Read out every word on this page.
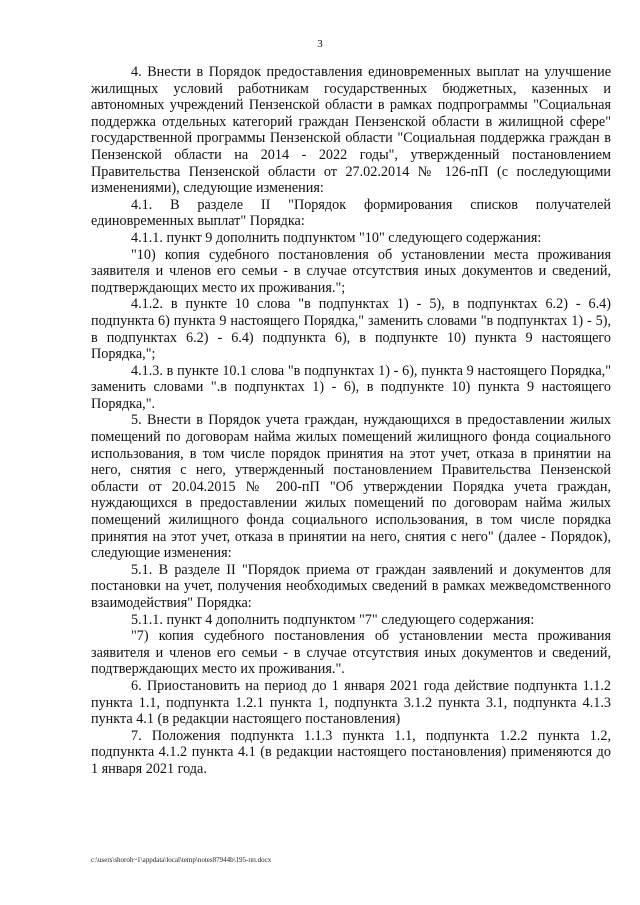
3

4. Внести в Порядок предоставления единовременных выплат на улучшение жилищных условий работникам государственных бюджетных, казенных и автономных учреждений Пензенской области в рамках подпрограммы "Социальная поддержка отдельных категорий граждан Пензенской области в жилищной сфере" государственной программы Пензенской области "Социальная поддержка граждан в Пензенской области на 2014 - 2022 годы", утвержденный постановлением Правительства Пензенской области от 27.02.2014 № 126-пП (с последующими изменениями), следующие изменения:

4.1. В разделе II "Порядок формирования списков получателей единовременных выплат" Порядка:

4.1.1. пункт 9 дополнить подпунктом "10" следующего содержания:

"10) копия судебного постановления об установлении места проживания заявителя и членов его семьи - в случае отсутствия иных документов и сведений, подтверждающих место их проживания.";

4.1.2. в пункте 10 слова "в подпунктах 1) - 5), в подпунктах 6.2) - 6.4) подпункта 6) пункта 9 настоящего Порядка," заменить словами "в подпунктах 1) - 5), в подпунктах 6.2) - 6.4) подпункта 6), в подпункте 10) пункта 9 настоящего Порядка,";

4.1.3. в пункте 10.1 слова "в подпунктах 1) - 6), пункта 9 настоящего Порядка," заменить словами ".в подпунктах 1) - 6), в подпункте 10) пункта 9 настоящего Порядка,".

5. Внести в Порядок учета граждан, нуждающихся в предоставлении жилых помещений по договорам найма жилых помещений жилищного фонда социального использования, в том числе порядок принятия на этот учет, отказа в принятии на него, снятия с него, утвержденный постановлением Правительства Пензенской области от 20.04.2015 № 200-пП "Об утверждении Порядка учета граждан, нуждающихся в предоставлении жилых помещений по договорам найма жилых помещений жилищного фонда социального использования, в том числе порядка принятия на этот учет, отказа в принятии на него, снятия с него" (далее - Порядок), следующие изменения:

5.1. В разделе II "Порядок приема от граждан заявлений и документов для постановки на учет, получения необходимых сведений в рамках межведомственного взаимодействия" Порядка:

5.1.1. пункт 4 дополнить подпунктом "7" следующего содержания:

"7) копия судебного постановления об установлении места проживания заявителя и членов его семьи - в случае отсутствия иных документов и сведений, подтверждающих место их проживания.".

6. Приостановить на период до 1 января 2021 года действие подпункта 1.1.2 пункта 1.1, подпункта 1.2.1 пункта 1, подпункта 3.1.2 пункта 3.1, подпункта 4.1.3 пункта 4.1 (в редакции настоящего постановления)

7. Положения подпункта 1.1.3 пункта 1.1, подпункта 1.2.2 пункта 1.2, подпункта 4.1.2 пункта 4.1 (в редакции настоящего постановления) применяются до 1 января 2021 года.

c:\users\shoroh~1\appdata\local\temp\notes87944b\195-пп.docx
